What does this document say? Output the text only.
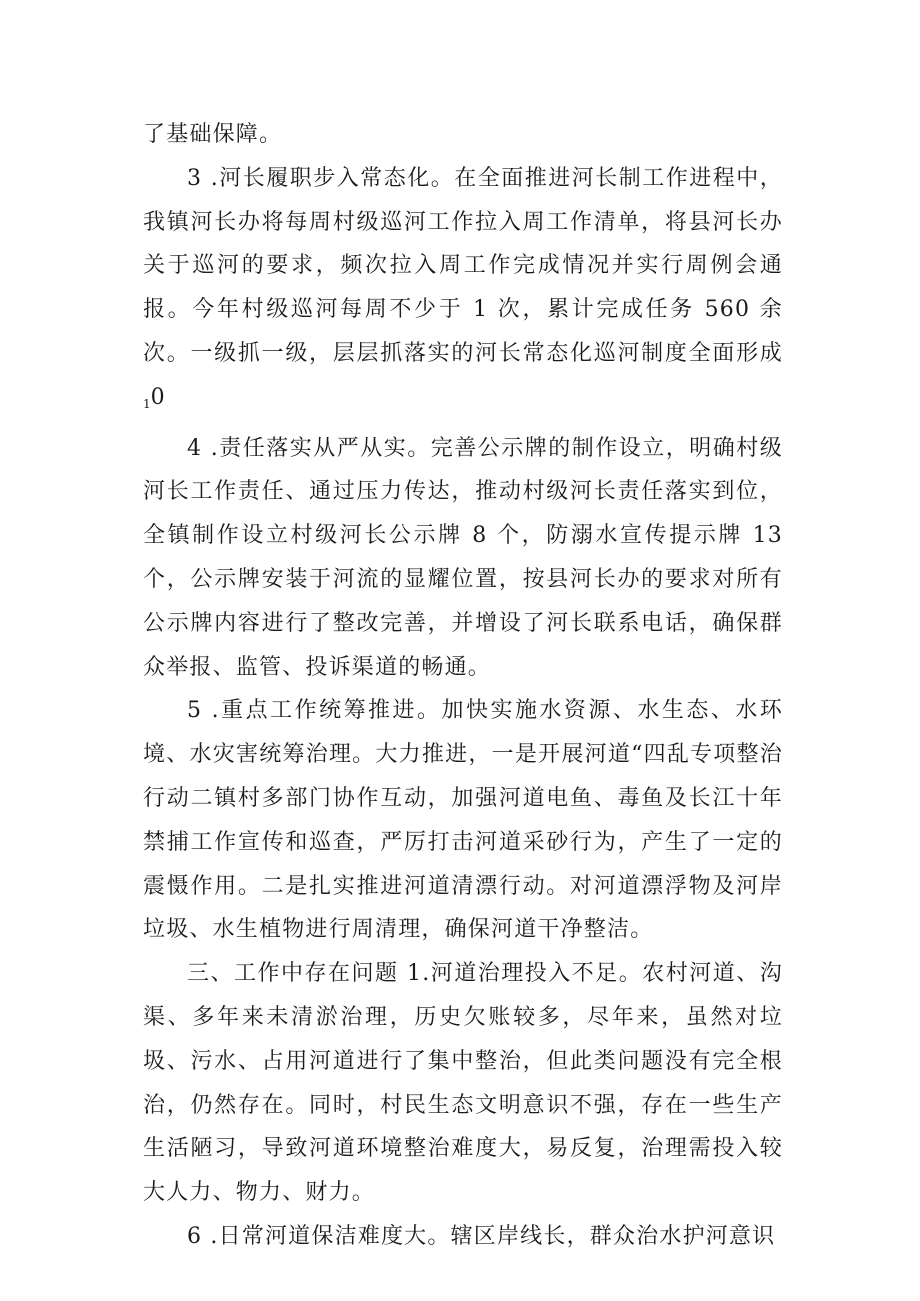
了基础保障。

3 .河长履职步入常态化。在全面推进河长制工作进程中，我镇河长办将每周村级巡河工作拉入周工作清单，将县河长办关于巡河的要求，频次拉入周工作完成情况并实行周例会通报。今年村级巡河每周不少于 1 次，累计完成任务 560 余次。一级抓一级，层层抓落实的河长常态化巡河制度全面形成$_1$0

4 .责任落实从严从实。完善公示牌的制作设立，明确村级河长工作责任、通过压力传达，推动村级河长责任落实到位，全镇制作设立村级河长公示牌 8 个，防溺水宣传提示牌 13 个，公示牌安装于河流的显耀位置，按县河长办的要求对所有公示牌内容进行了整改完善，并增设了河长联系电话，确保群众举报、监管、投诉渠道的畅通。

5 .重点工作统筹推进。加快实施水资源、水生态、水环境、水灾害统筹治理。大力推进，一是开展河道“四乱专项整治行动二镇村多部门协作互动，加强河道电鱼、毒鱼及长江十年禁捕工作宣传和巡查，严厉打击河道采砂行为，产生了一定的震慑作用。二是扎实推进河道清漂行动。对河道漂浮物及河岸垃圾、水生植物进行周清理，确保河道干净整洁。

三、工作中存在问题 1.河道治理投入不足。农村河道、沟渠、多年来未清淤治理，历史欠账较多，尽年来，虽然对垃圾、污水、占用河道进行了集中整治，但此类问题没有完全根治，仍然存在。同时，村民生态文明意识不强，存在一些生产生活陋习，导致河道环境整治难度大，易反复，治理需投入较大人力、物力、财力。

6 .日常河道保洁难度大。辖区岸线长，群众治水护河意识
